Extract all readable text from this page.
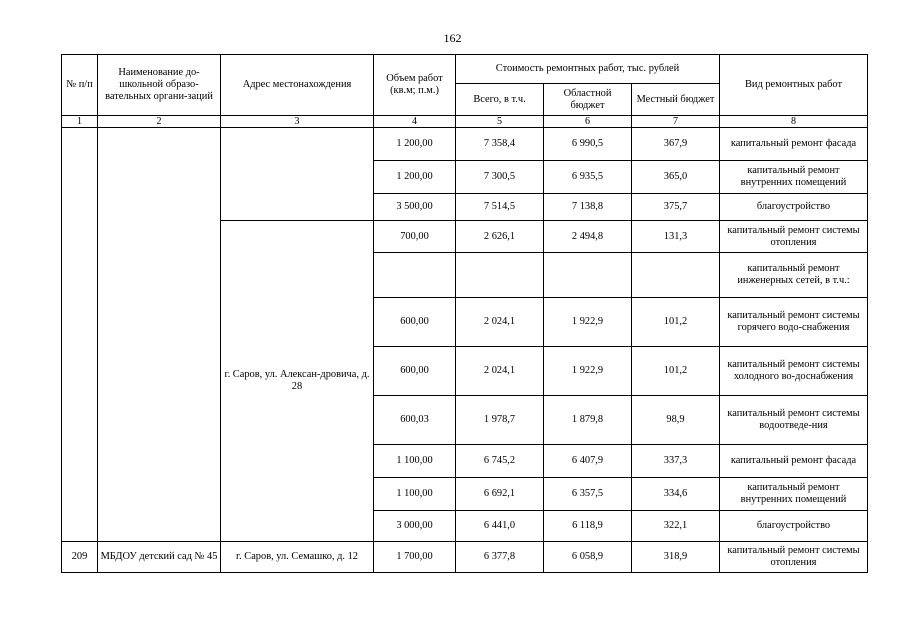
162
№ п/п	Наименование до-школьной образо-вательных органи-заций	Адрес местонахождения	Объем работ (кв.м; п.м.)	Стоимость ремонтных работ, тыс. рублей			Вид ремонтных работ
				Всего, в т.ч.	Областной бюджет	Местный бюджет	
1	2	3	4	5	6	7	8
			1 200,00	7 358,4	6 990,5	367,9	капитальный ремонт фасада
			1 200,00	7 300,5	6 935,5	365,0	капитальный ремонт внутренних помещений
			3 500,00	7 514,5	7 138,8	375,7	благоустройство
		г. Саров, ул. Алексан-дровича, д. 28	700,00	2 626,1	2 494,8	131,3	капитальный ремонт системы отопления
							капитальный ремонт инженерных сетей, в т.ч.:
			600,00	2 024,1	1 922,9	101,2	капитальный ремонт системы горячего водо-снабжения
			600,00	2 024,1	1 922,9	101,2	капитальный ремонт системы холодного во-доснабжения
			600,03	1 978,7	1 879,8	98,9	капитальный ремонт системы водоотведе-ния
			1 100,00	6 745,2	6 407,9	337,3	капитальный ремонт фасада
			1 100,00	6 692,1	6 357,5	334,6	капитальный ремонт внутренних помещений
			3 000,00	6 441,0	6 118,9	322,1	благоустройство
209	МБДОУ детский сад № 45	г. Саров, ул. Семашко, д. 12	1 700,00	6 377,8	6 058,9	318,9	капитальный ремонт системы отопления
